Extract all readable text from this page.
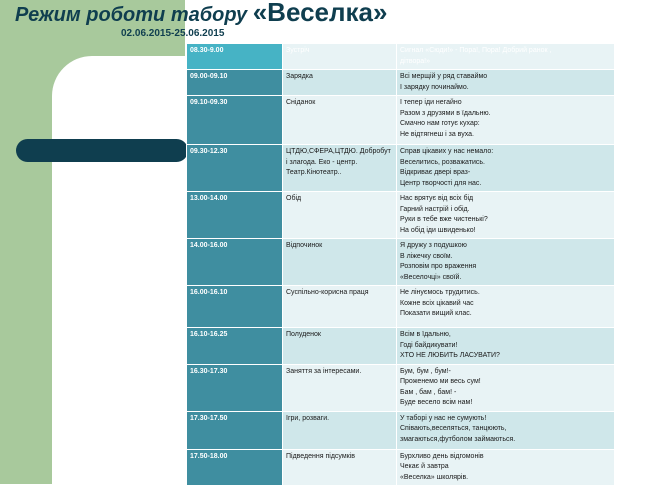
Режим роботи табору «Веселка»

02.06.2015-25.06.2015

08.30-9.00	Зустріч	Сигнал «Сюди!» - Пора!, Пора! Добрий ранок ,
дітвора!»

09.00-09.10	Зарядка	Всі мерщій у ряд ставаймо
І зарядку починаймо.

09.10-09.30	Сніданок	І тепер іди негайно
Разом з друзями в їдальню.
Смачно нам готує кухар:
Не відтягнеш і за вуха.

09.30-12.30	ЦТДЮ,СФЕРА,ЦТДЮ. Добробут і злагода. Еко - центр. Театр.Кінотеатр..	Справ цікавих у нас немало:
Веселитись, розважатись.
Відкриває двері враз-
Центр творчості для нас.

13.00-14.00	Обід	Нас врятує від всіх бід
Гарний настрій і обід.
Руки в тебе вже чистенькі?
На обід іди швиденько!

14.00-16.00	Відпочинок	Я дружу з подушкою
В ліжечку своїм.
Розповім про враження
«Веселочці» своїй.

16.00-16.10	Суспільно-корисна праця	Не лінуємось трудитись.
Кожне всіх цікавий час
Показати вищий клас.

16.10-16.25	Полуденок	Всім в їдальню,
Годі байдикувати!
ХТО НЕ ЛЮБИТЬ ЛАСУВАТИ?

16.30-17.30	Заняття за інтересами.	Бум, бум , бум!-
Проженемо ми весь сум!
Бам , бам , бам! -
Буде весело всім нам!

17.30-17.50	Ігри, розваги.	У таборі у нас не сумують!
Співають,веселяться, танцюють,
змагаються,футболом займаються.

17.50-18.00	Підведення підсумків	Бурхливо день відгомонів
Чекає й завтра
«Веселка» школярів.
